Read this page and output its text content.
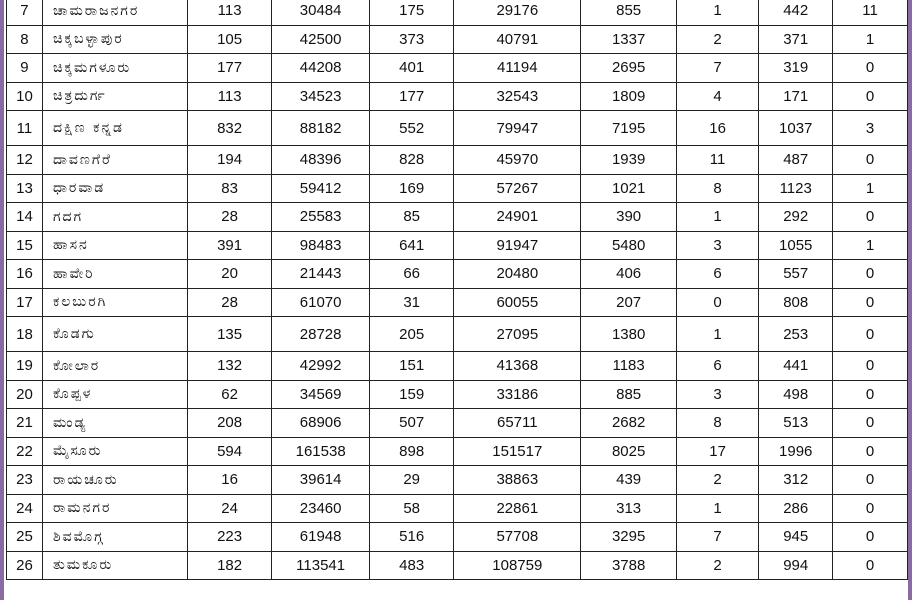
7	ಚಾಮರಾಜನಗರ	113	30484	175	29176	855	1	442	11
8	ಚಿಕ್ಕಬಳ್ಳಾಪುರ	105	42500	373	40791	1337	2	371	1
9	ಚಿಕ್ಕಮಗಳೂರು	177	44208	401	41194	2695	7	319	0
10	ಚಿತ್ರದುರ್ಗ	113	34523	177	32543	1809	4	171	0
11	ದಕ್ಷಿಣ ಕನ್ನಡ	832	88182	552	79947	7195	16	1037	3
12	ದಾವಣಗೆರೆ	194	48396	828	45970	1939	11	487	0
13	ಧಾರವಾಡ	83	59412	169	57267	1021	8	1123	1
14	ಗದಗ	28	25583	85	24901	390	1	292	0
15	ಹಾಸನ	391	98483	641	91947	5480	3	1055	1
16	ಹಾವೇರಿ	20	21443	66	20480	406	6	557	0
17	ಕಲಬುರಗಿ	28	61070	31	60055	207	0	808	0
18	ಕೊಡಗು	135	28728	205	27095	1380	1	253	0
19	ಕೋಲಾರ	132	42992	151	41368	1183	6	441	0
20	ಕೊಪ್ಪಳ	62	34569	159	33186	885	3	498	0
21	ಮಂಡ್ಯ	208	68906	507	65711	2682	8	513	0
22	ಮೈಸೂರು	594	161538	898	151517	8025	17	1996	0
23	ರಾಯಚೂರು	16	39614	29	38863	439	2	312	0
24	ರಾಮನಗರ	24	23460	58	22861	313	1	286	0
25	ಶಿವಮೊಗ್ಗ	223	61948	516	57708	3295	7	945	0
26	ತುಮಕೂರು	182	113541	483	108759	3788	2	994	0
